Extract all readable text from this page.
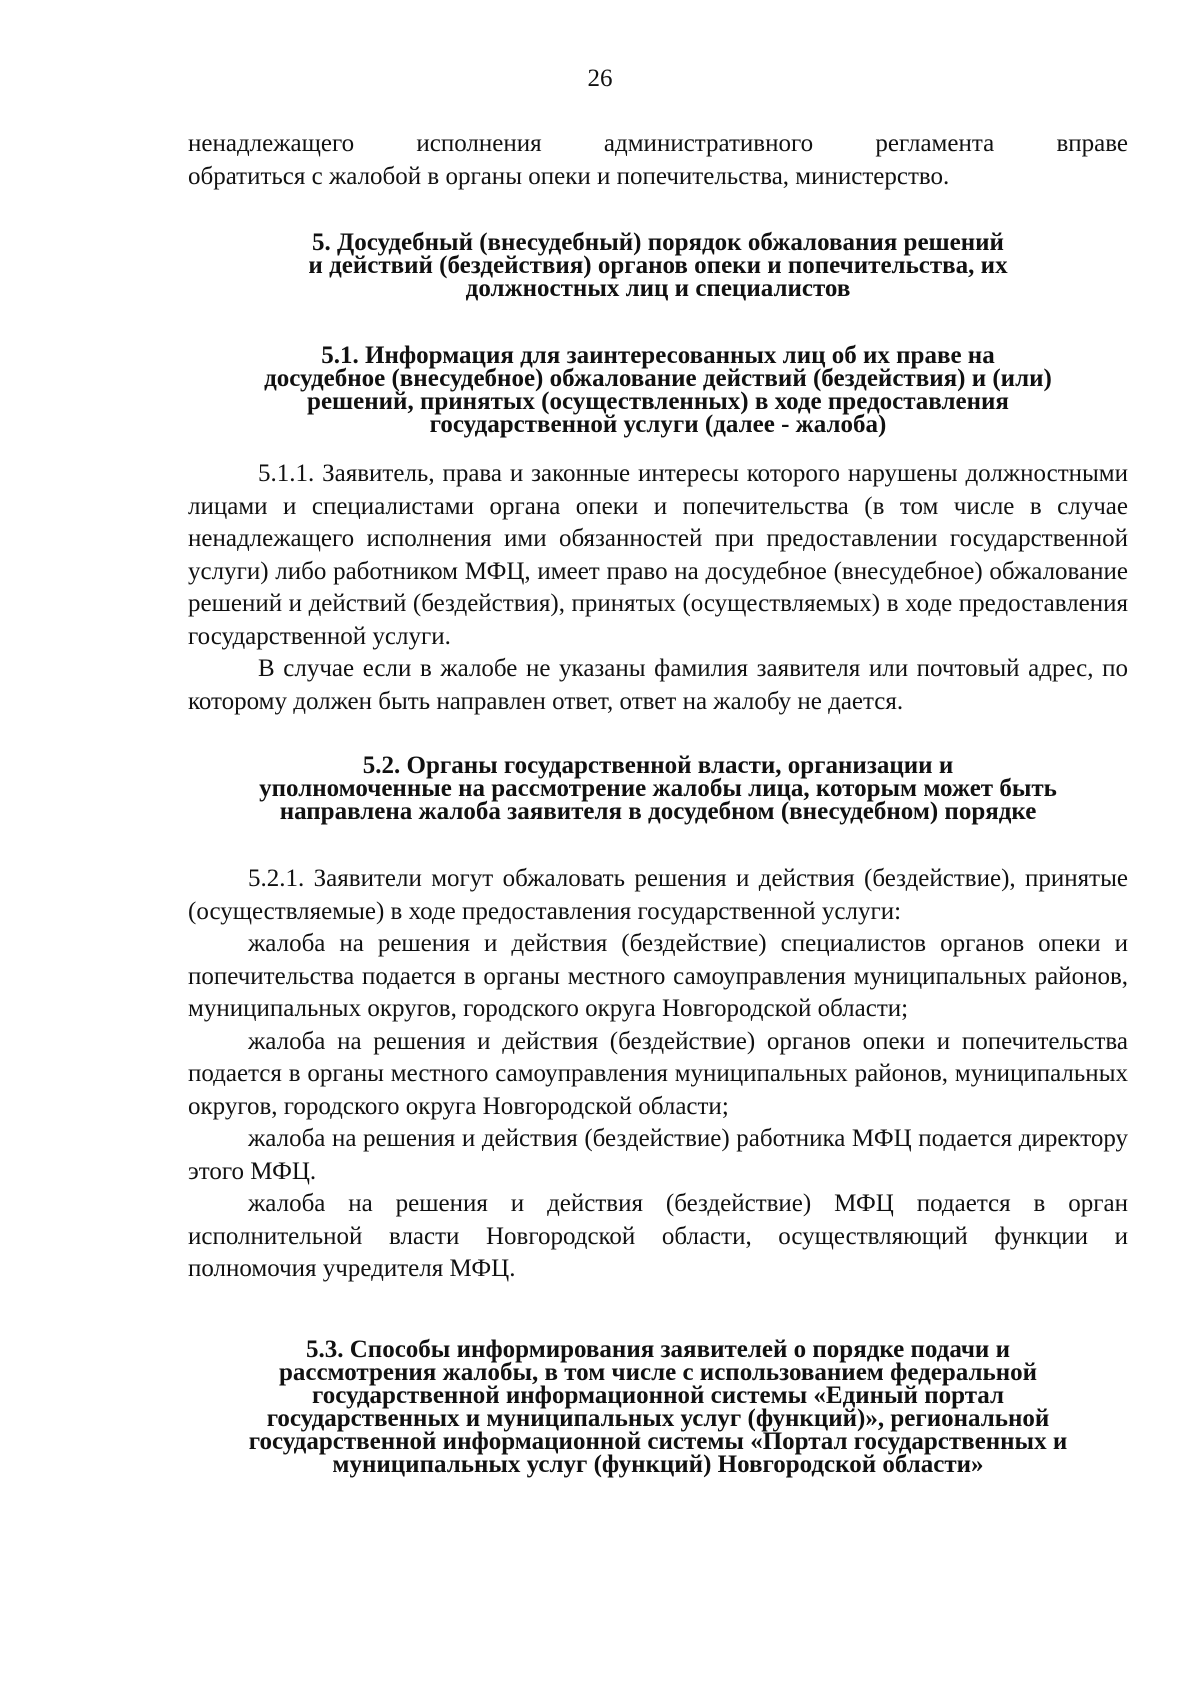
26

ненадлежащего исполнения административного регламента вправе

обратиться с жалобой в органы опеки и попечительства, министерство.

5. Досудебный (внесудебный) порядок обжалования решений
и действий (бездействия) органов опеки и попечительства, их
должностных лиц и специалистов
5.1. Информация для заинтересованных лиц об их праве на
досудебное (внесудебное) обжалование действий (бездействия) и (или)
решений, принятых (осуществленных) в ходе предоставления
государственной услуги (далее - жалоба)

5.1.1. Заявитель, права и законные интересы которого нарушены должностными лицами и специалистами органа опеки и попечительства (в том числе в случае ненадлежащего исполнения ими обязанностей при предоставлении государственной услуги) либо работником МФЦ, имеет право на досудебное (внесудебное) обжалование решений и действий (бездействия), принятых (осуществляемых) в ходе предоставления государственной услуги.

В случае если в жалобе не указаны фамилия заявителя или почтовый адрес, по которому должен быть направлен ответ, ответ на жалобу не дается.

5.2. Органы государственной власти, организации и
уполномоченные на рассмотрение жалобы лица, которым может быть
направлена жалоба заявителя в досудебном (внесудебном) порядке

5.2.1. Заявители могут обжаловать решения и действия (бездействие), принятые (осуществляемые) в ходе предоставления государственной услуги:

жалоба на решения и действия (бездействие) специалистов органов опеки и попечительства подается в органы местного самоуправления муниципальных районов, муниципальных округов, городского округа Новгородской области;

жалоба на решения и действия (бездействие) органов опеки и попечительства подается в органы местного самоуправления муниципальных районов, муниципальных округов, городского округа Новгородской области;

жалоба на решения и действия (бездействие) работника МФЦ подается директору этого МФЦ.

жалоба на решения и действия (бездействие) МФЦ подается в орган исполнительной власти Новгородской области, осуществляющий функции и полномочия учредителя МФЦ.

5.3. Способы информирования заявителей о порядке подачи и
рассмотрения жалобы, в том числе с использованием федеральной
государственной информационной системы «Единый портал
государственных и муниципальных услуг (функций)», региональной
государственной информационной системы «Портал государственных и
муниципальных услуг (функций) Новгородской области»
